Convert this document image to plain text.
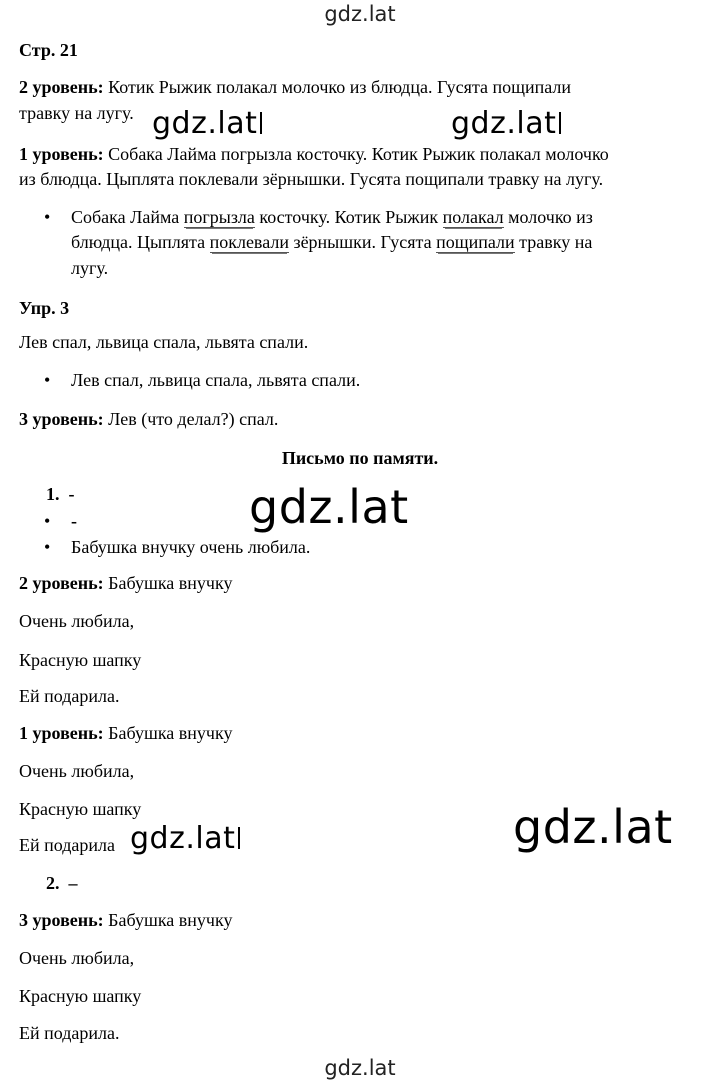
gdz.lat
gdz.lat
Стр. 21
2 уровень: Котик Рыжик полакал молочко из блюдца. Гусята пощипали
травку на лугу. gdz.lat	gdz.lat
1 уровень: Собака Лайма погрызла косточку. Котик Рыжик полакал молочко
из блюдца. Цыплята поклевали зёрнышки. Гусята пощипали травку на лугу.
• Собака Лайма погрызла косточку. Котик Рыжик полакал молочко из
блюдца. Цыплята поклевали зёрнышки. Гусята пощипали травку на
лугу.
Упр. 3
Лев спал, львица спала, львята спали.
• Лев спал, львица спала, львята спали.
3 уровень: Лев (что делал?) спал.
Письмо по памяти.
1. -
• -
• Бабушка внучку очень любила.
gdz.lat
2 уровень: Бабушка внучку
Очень любила,
Красную шапку
Ей подарила.
1 уровень: Бабушка внучку
Очень любила,
Красную шапку
Ей подарила gdz.lat	gdz.lat
2. –
3 уровень: Бабушка внучку
Очень любила,
Красную шапку
Ей подарила.
